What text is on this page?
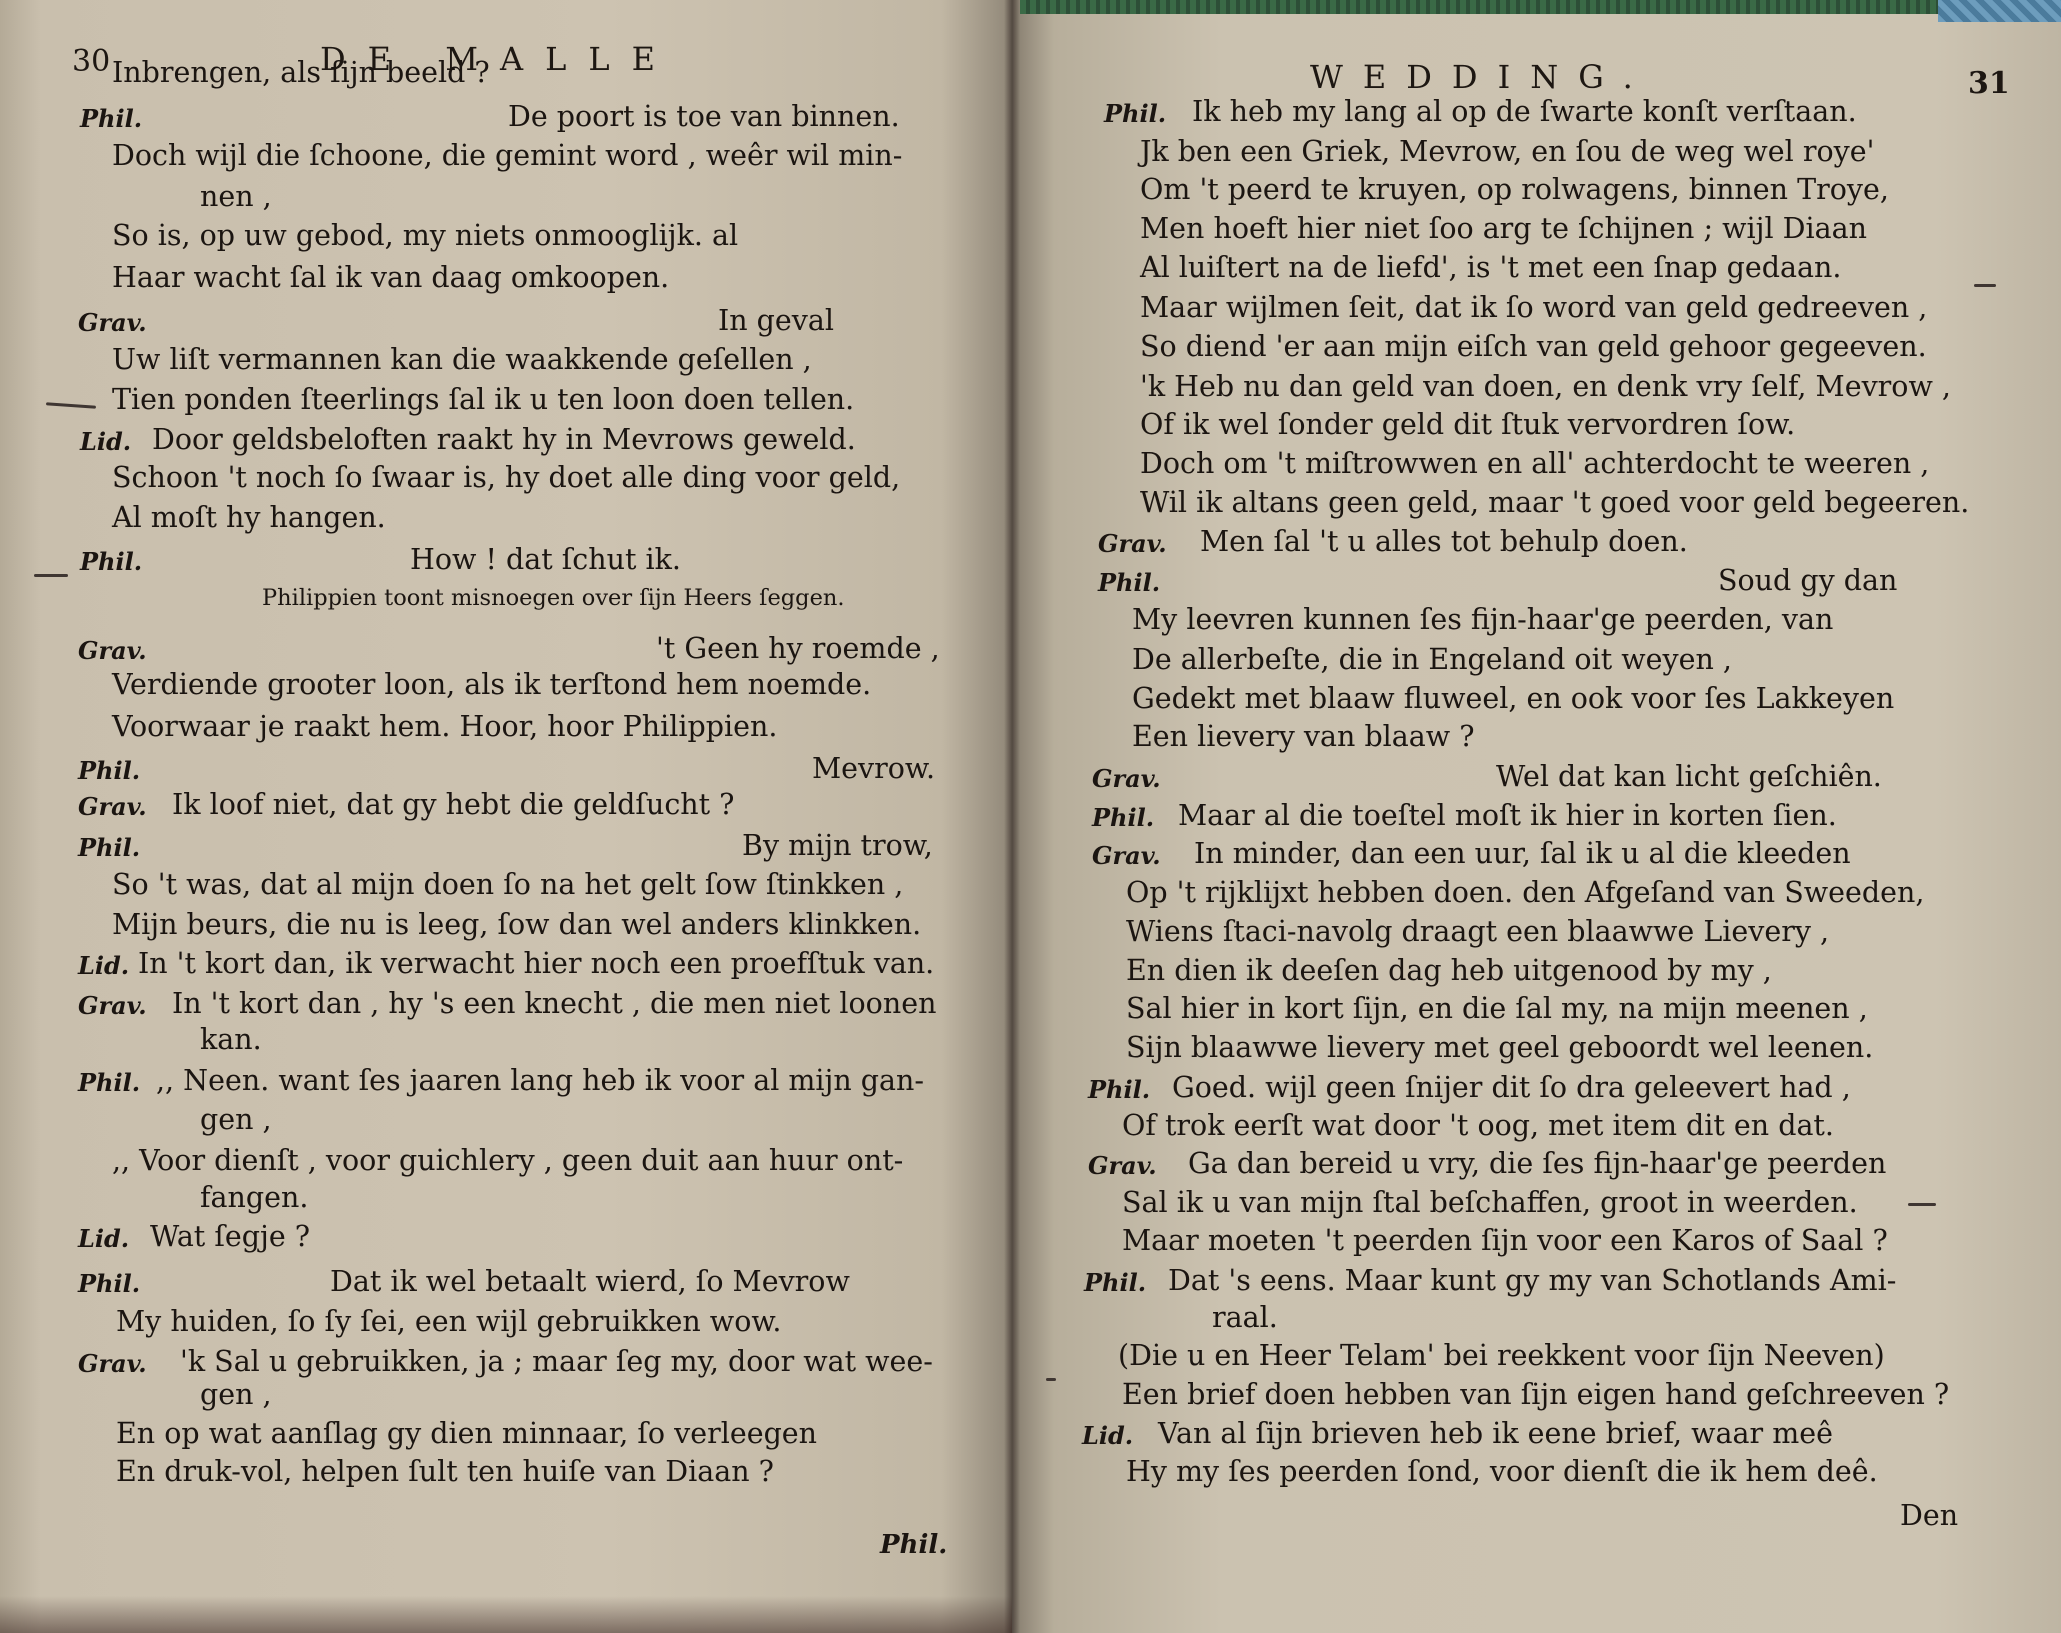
30	DE MALLE	WEDDING.	31
Inbrengen, als ſijn beeld ?
Phil.	De poort is toe van binnen.
Doch wijl die ſchoone, die gemint word , weêr wil min-
nen ,
So is, op uw gebod, my niets onmooglijk. al
Haar wacht ſal ik van daag omkoopen.
Grav.	In geval
Uw liſt vermannen kan die waakkende geſellen ,
Tien ponden ſteerlings ſal ik u ten loon doen tellen.
Lid. Door geldsbeloften raakt hy in Mevrows geweld.
Schoon 't noch ſo ſwaar is, hy doet alle ding voor geld,
Al moſt hy hangen.
Phil.	How ! dat ſchut ik.
Philippien toont misnoegen over ſijn Heers ſeggen.
Grav.	't Geen hy roemde ,
Verdiende grooter loon, als ik terſtond hem noemde.
Voorwaar je raakt hem. Hoor, hoor Philippien.
Phil.	Mevrow.
Grav. Ik loof niet, dat gy hebt die geldſucht ?
Phil.	By mijn trow,
So 't was, dat al mijn doen ſo na het gelt ſow ſtinkken ,
Mijn beurs, die nu is leeg, ſow dan wel anders klinkken.
Lid. In 't kort dan, ik verwacht hier noch een proefſtuk van.
Grav. In 't kort dan , hy 's een knecht , die men niet loonen
kan.
Phil. ,, Neen. want ſes jaaren lang heb ik voor al mijn gan-
gen ,
,, Voor dienſt , voor guichlery , geen duit aan huur ont-
fangen.
Lid. Wat ſegje ?
Phil.	Dat ik wel betaalt wierd, ſo Mevrow
My huiden, ſo ſy ſei, een wijl gebruikken wow.
Grav. 'k Sal u gebruikken, ja ; maar ſeg my, door wat wee-
gen ,
En op wat aanſlag gy dien minnaar, ſo verleegen
En druk-vol, helpen ſult ten huiſe van Diaan ?
Phil. Ik heb my lang al op de ſwarte konſt verſtaan.
Jk ben een Griek, Mevrow, en ſou de weg wel roye'
Om 't peerd te kruyen, op rolwagens, binnen Troye,
Men hoeft hier niet ſoo arg te ſchijnen ; wijl Diaan
Al luiſtert na de liefd', is 't met een ſnap gedaan.
Maar wijlmen ſeit, dat ik ſo word van geld gedreeven ,
So diend 'er aan mijn eiſch van geld gehoor gegeeven.
'k Heb nu dan geld van doen, en denk vry ſelf, Mevrow ,
Of ik wel ſonder geld dit ſtuk vervordren ſow.
Doch om 't miſtrowwen en all' achterdocht te weeren ,
Wil ik altans geen geld, maar 't goed voor geld begeeren.
Grav. Men ſal 't u alles tot behulp doen.
Phil.	Soud gy dan
My leevren kunnen ſes fijn-haar'ge peerden, van
De allerbeſte, die in Engeland oit weyen ,
Gedekt met blaaw fluweel, en ook voor ſes Lakkeyen
Een lievery van blaaw ?
Grav.	Wel dat kan licht geſchiên.
Phil. Maar al die toeſtel moſt ik hier in korten ſien.
Grav. In minder, dan een uur, ſal ik u al die kleeden
Op 't rijklijxt hebben doen. den Afgeſand van Sweeden,
Wiens ſtaci-navolg draagt een blaawwe Lievery ,
En dien ik deeſen dag heb uitgenood by my ,
Sal hier in kort ſijn, en die ſal my, na mijn meenen ,
Sijn blaawwe lievery met geel geboordt wel leenen.
Phil. Goed. wijl geen ſnijer dit ſo dra geleevert had ,
Of trok eerſt wat door 't oog, met item dit en dat.
Grav. Ga dan bereid u vry, die ſes fijn-haar'ge peerden
Sal ik u van mijn ſtal beſchaffen, groot in weerden.
Maar moeten 't peerden ſijn voor een Karos of Saal ?
Phil. Dat 's eens. Maar kunt gy my van Schotlands Ami-
raal.
(Die u en Heer Telam' bei reekkent voor ſijn Neeven)
Een brief doen hebben van ſijn eigen hand geſchreeven ?
Lid. Van al ſijn brieven heb ik eene brief, waar meê
Hy my ſes peerden ſond, voor dienſt die ik hem deê.
Phil.
Den
